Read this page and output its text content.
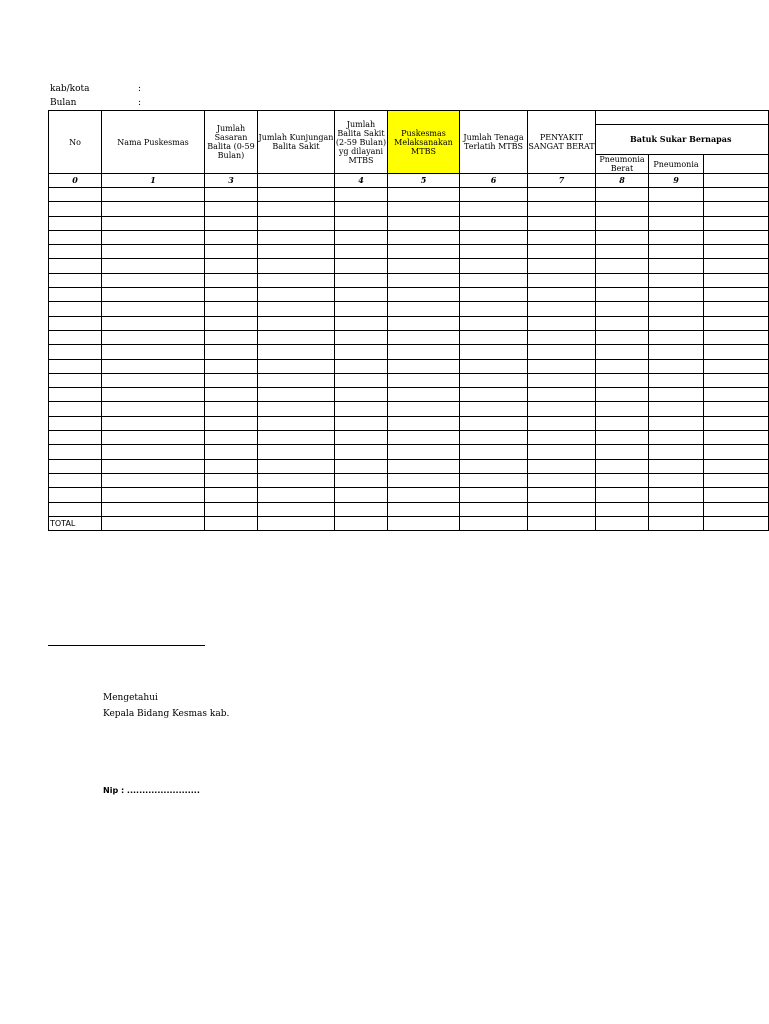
kab/kota	:
Bulan	:
No	Nama Puskesmas	Jumlah Sasaran Balita (0-59 Bulan)	Jumlah Kunjungan Balita Sakit	Jumlah Balita Sakit (2-59 Bulan) yg dilayani MTBS	Puskesmas Melaksanakan MTBS	Jumlah Tenaga Terlatih MTBS	PENYAKIT SANGAT BERAT			
								Batuk Sukar Bernapas		
								Pneumonia Berat	Pneumonia	
0	1	3		4	5	6	7	8	9	

TOTAL										
Mengetahui
Kepala Bidang Kesmas kab.
Nip : ........................
